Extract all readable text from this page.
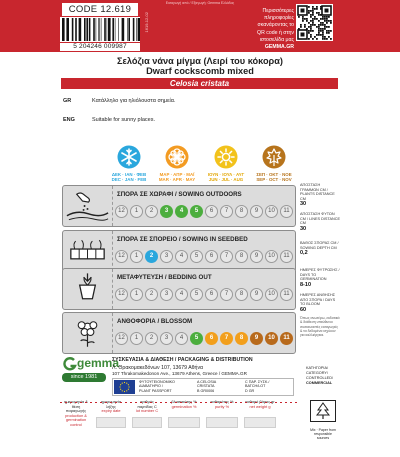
Εισαγωγή από / Εξαγωγή: Gemma Ελλάδος
CODE 12.619
5 204246 009987
1619-12-02
Περισσότερες
πληροφορίες
σκανάροντας το
QR code ή στην
ιστοσελίδα μας
GEMMA.GR
Σελόζια νάνα μίγμα (Λειρί του κόκορα)
Dwarf cockscomb mixed
Celosia cristata
GR	Κατάλληλο για ηλιόλουστα σημεία.
ENG	Suitable for sunny places.
ΔΕΚ · ΙΑΝ · ΦΕΒ
DEC · JAN · FEB
ΜΑΡ · ΑΠΡ · ΜΑΪ
MAR · APR · MAY
ΙΟΥΝ · ΙΟΥΛ · ΑΥΓ
JUN · JUL · AUG
ΣΕΠ · ΟΚΤ · ΝΟΕ
SEP · OCT · NOV
ΣΠΟΡΑ ΣΕ ΧΩΡΑΦΙ / SOWING OUTDOORS
12	1	2	3	4	5	6	7	8	9	10	11
ΣΠΟΡΑ ΣΕ ΣΠΟΡΕΙΟ / SOWING IN SEEDBED
12	1	2	3	4	5	6	7	8	9	10	11
ΜΕΤΑΦΥΤΕΥΣΗ / BEDDING OUT
12	1	2	3	4	5	6	7	8	9	10	11
ΑΝΘΟΦΟΡΙΑ / BLOSSOM
12	1	2	3	4	5	6	7	8	9	10	11
ΑΠΟΣΤΑΣΗ ΓΡΑΜΜΩΝ CM / PLANTS DISTANCE CM
30
ΑΠΟΣΤΑΣΗ ΦΥΤΩΝ CM / LINES DISTANCE CM
30
ΒΑΘΟΣ ΣΠΟΡΑΣ CM / SOWING DEPTH CM
0,2
ΗΜΕΡΕΣ ΦΥΤΡΩΣΗΣ / DAYS TO GERMINATION
8-10
ΗΜΕΡΕΣ ΑΝΘΗΣΗΣ ΑΠΟ ΣΠΟΡΑ / DAYS TO BLOOM
60
Όπως ανωτέρω, εκδοτικά & διάθεση υπεύθυνοι συσκευαστές εισαγωγείς & τα δεδομένα ισχύουν για καλλιέργεια.
gemma
since 1981
ΣΥΣΚΕΥΑΣΙΑ & ΔΙΑΘΕΣΗ / PACKAGING & DISTRIBUTION
Λ. Θρακομακεδόνων 107, 13679 Αθήνα
107 Thrakomakedonon Ave., 13679 Athens, Greece / GEMMA.GR
ΚΑΤΗΓΟΡΙΑ/
CATEGORY/
CONTROLLED/
COMMERCIAL
ΦΥΤΟΫΓΕΙΟΝΟΜΙΚΟ
ΔΙΑΒΑΤΗΡΙΟ /
PLANT PASSPORT
A CELOSIA
CRISTATA
B GR0006
C ΠΑΡ. ΣΥΣΚ./
BATCH/LOT
D GR
ημερομηνία & θέση παραγωγής
production & germination control
ημερομηνία λήξης
expiry date
αριθμός παρτίδας C
lot number C
βλαστικότης %
germination %
καθαρότης %
purity %
καθαρό βάρος gr
net weight g
Mix · Paper from responsible sources
